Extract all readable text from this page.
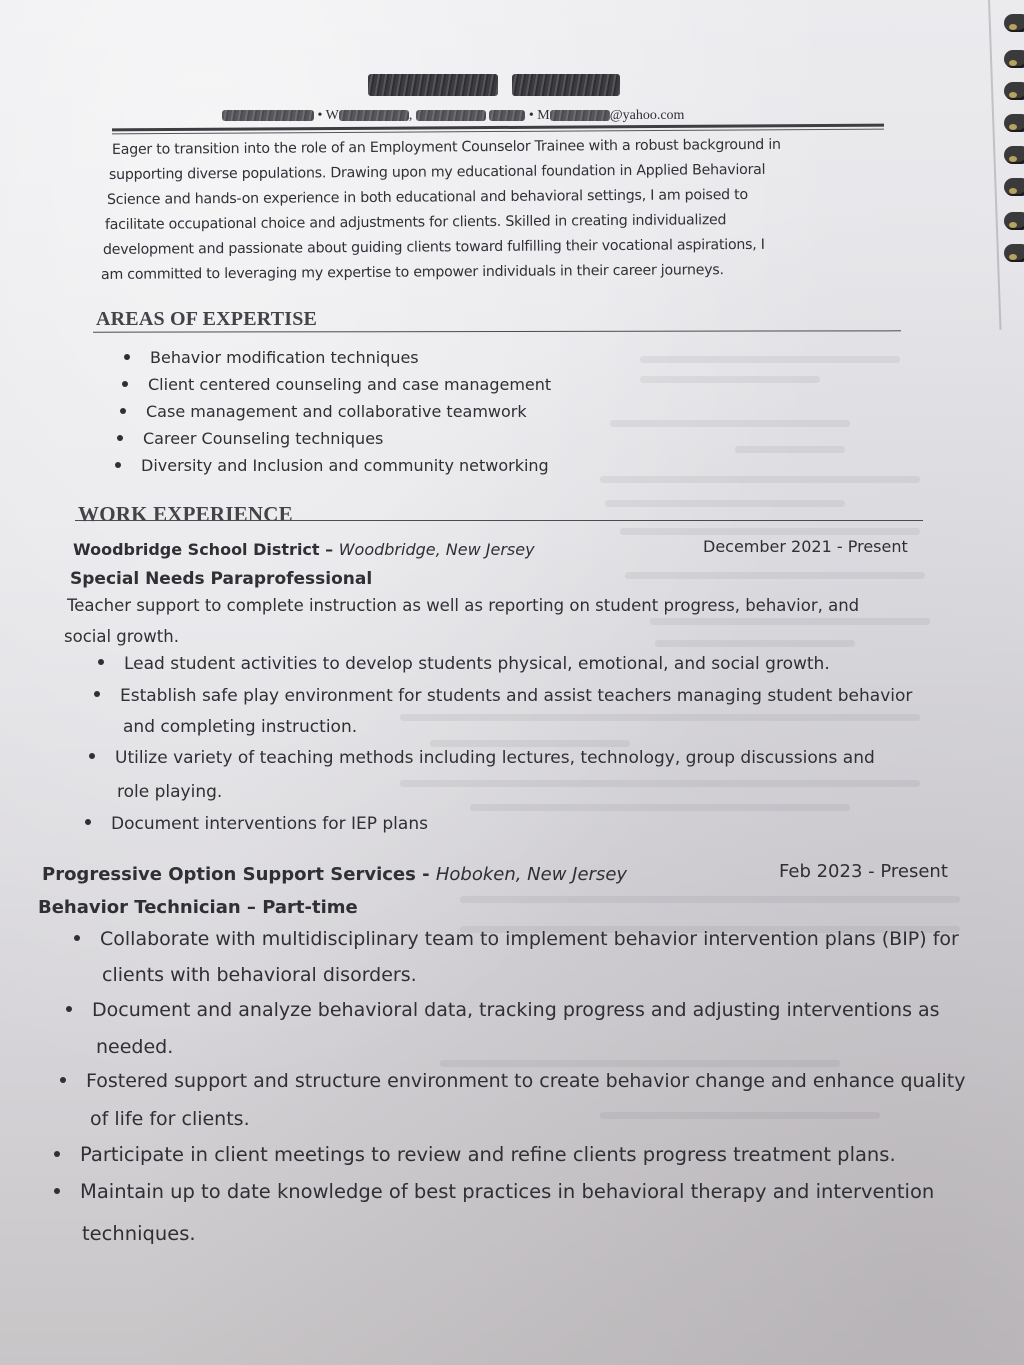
• W	,	• M	@yahoo.com
Eager to transition into the role of an Employment Counselor Trainee with a robust background in
supporting diverse populations. Drawing upon my educational foundation in Applied Behavioral
Science and hands-on experience in both educational and behavioral settings, I am poised to
facilitate occupational choice and adjustments for clients. Skilled in creating individualized
development and passionate about guiding clients toward fulfilling their vocational aspirations, I
am committed to leveraging my expertise to empower individuals in their career journeys.
AREAS OF EXPERTISE
Behavior modification techniques
Client centered counseling and case management
Case management and collaborative teamwork
Career Counseling techniques
Diversity and Inclusion and community networking
WORK EXPERIENCE
Woodbridge School District – Woodbridge, New Jersey	December 2021 - Present
Special Needs Paraprofessional
Teacher support to complete instruction as well as reporting on student progress, behavior, and
social growth.
Lead student activities to develop students physical, emotional, and social growth.
Establish safe play environment for students and assist teachers managing student behavior
and completing instruction.
Utilize variety of teaching methods including lectures, technology, group discussions and
role playing.
Document interventions for IEP plans
Progressive Option Support Services - Hoboken, New Jersey	Feb 2023 - Present
Behavior Technician – Part-time
Collaborate with multidisciplinary team to implement behavior intervention plans (BIP) for
clients with behavioral disorders.
Document and analyze behavioral data, tracking progress and adjusting interventions as
needed.
Fostered support and structure environment to create behavior change and enhance quality
of life for clients.
Participate in client meetings to review and refine clients progress treatment plans.
Maintain up to date knowledge of best practices in behavioral therapy and intervention
techniques.
